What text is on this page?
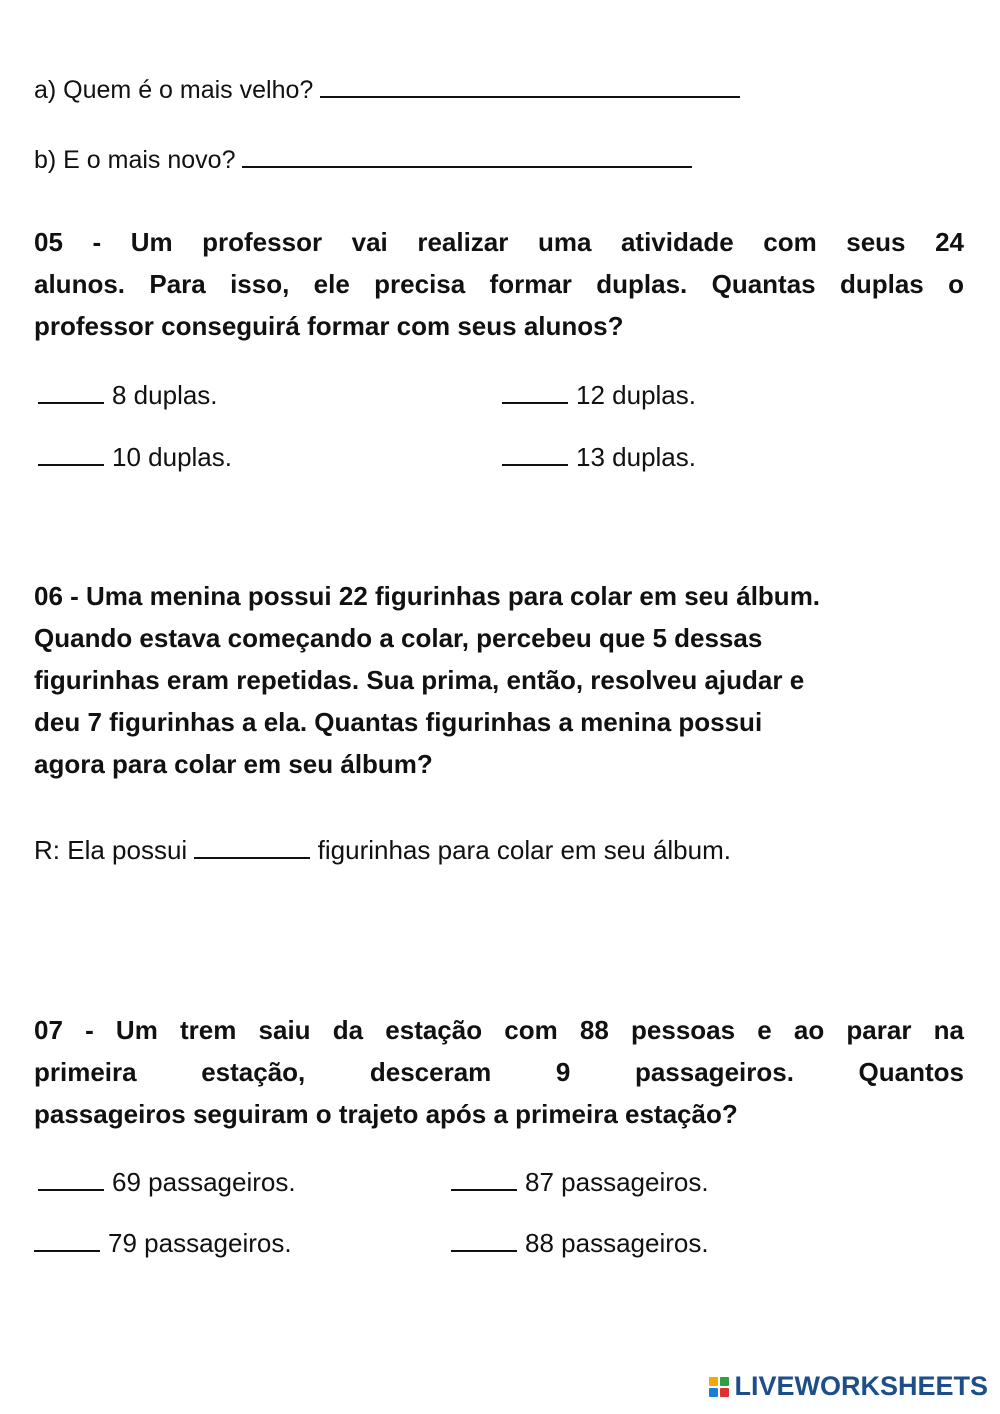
a) Quem é o mais velho?
b) E o mais novo?
05 - Um professor vai realizar uma atividade com seus 24
alunos. Para isso, ele precisa formar duplas. Quantas duplas o
professor conseguirá formar com seus alunos?
8 duplas.	12 duplas.
10 duplas.	13 duplas.
06 - Uma menina possui 22 figurinhas para colar em seu álbum.
Quando estava começando a colar, percebeu que 5 dessas
figurinhas eram repetidas. Sua prima, então, resolveu ajudar e
deu 7 figurinhas a ela. Quantas figurinhas a menina possui
agora para colar em seu álbum?
R: Ela possui	figurinhas para colar em seu álbum.
07 - Um trem saiu da estação com 88 pessoas e ao parar na
primeira estação, desceram 9 passageiros. Quantos
passageiros seguiram o trajeto após a primeira estação?
69 passageiros.	87 passageiros.
79 passageiros.	88 passageiros.
LIVEWORKSHEETS
